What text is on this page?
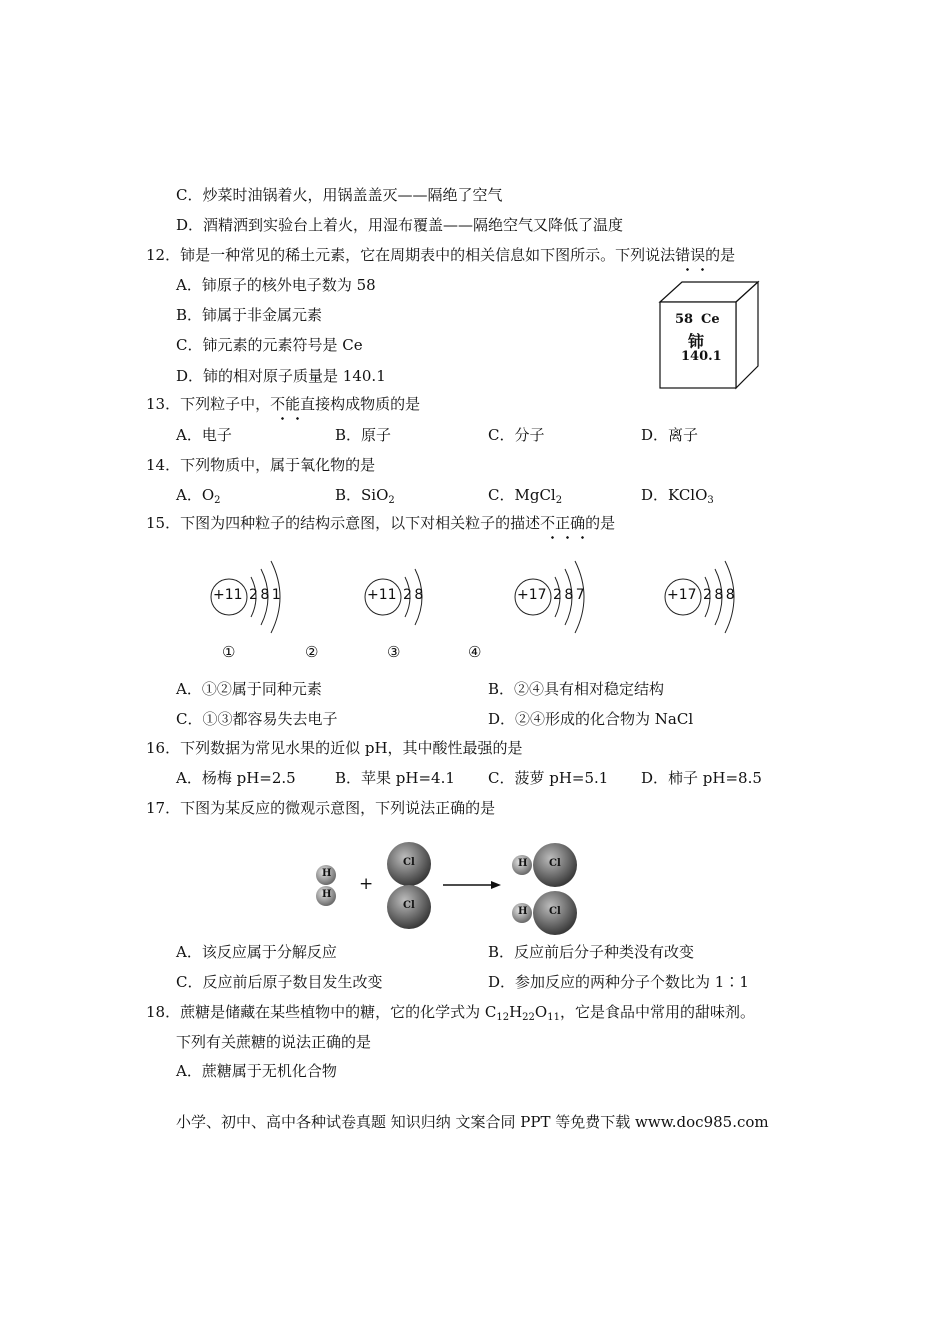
C．炒菜时油锅着火，用锅盖盖灭——隔绝了空气
D．酒精洒到实验台上着火，用湿布覆盖——隔绝空气又降低了温度
12．铈是一种常见的稀土元素，它在周期表中的相关信息如下图所示。下列说法错误的是
A．铈原子的核外电子数为 58
B．铈属于非金属元素
C．铈元素的元素符号是 Ce
D．铈的相对原子质量是 140.1
58 Ce
铈
140.1
13．下列粒子中，不能直接构成物质的是
A．电子	B．原子	C．分子	D．离子
14．下列物质中，属于氧化物的是
A．$O_2$	B．SiO$_2$	C．MgCl$_2$	D．KClO$_3$
15．下图为四种粒子的结构示意图，以下对相关粒子的描述不正确的是
+11 2 8 1	+11 2 8	+17 2 8 7	+17 2 8 8
①	②	③	④
A．①②属于同种元素	B．②④具有相对稳定结构
C．①③都容易失去电子	D．②④形成的化合物为 NaCl
16．下列数据为常见水果的近似 pH，其中酸性最强的是
A．杨梅 pH=2.5	B．苹果 pH=4.1 C．菠萝 pH=5.1 D．柿子 pH=8.5
17．下图为某反应的微观示意图，下列说法正确的是
H
H
+
Cl
Cl
H Cl
H Cl
A．该反应属于分解反应	B．反应前后分子种类没有改变
C．反应前后原子数目发生改变	D．参加反应的两种分子个数比为 1∶1
18．蔗糖是储藏在某些植物中的糖，它的化学式为 $C_{12}H_{22}O_{11}$，它是食品中常用的甜味剂。
下列有关蔗糖的说法正确的是
A．蔗糖属于无机化合物
小学、初中、高中各种试卷真题 知识归纳 文案合同 PPT 等免费下载 www.doc985.com
